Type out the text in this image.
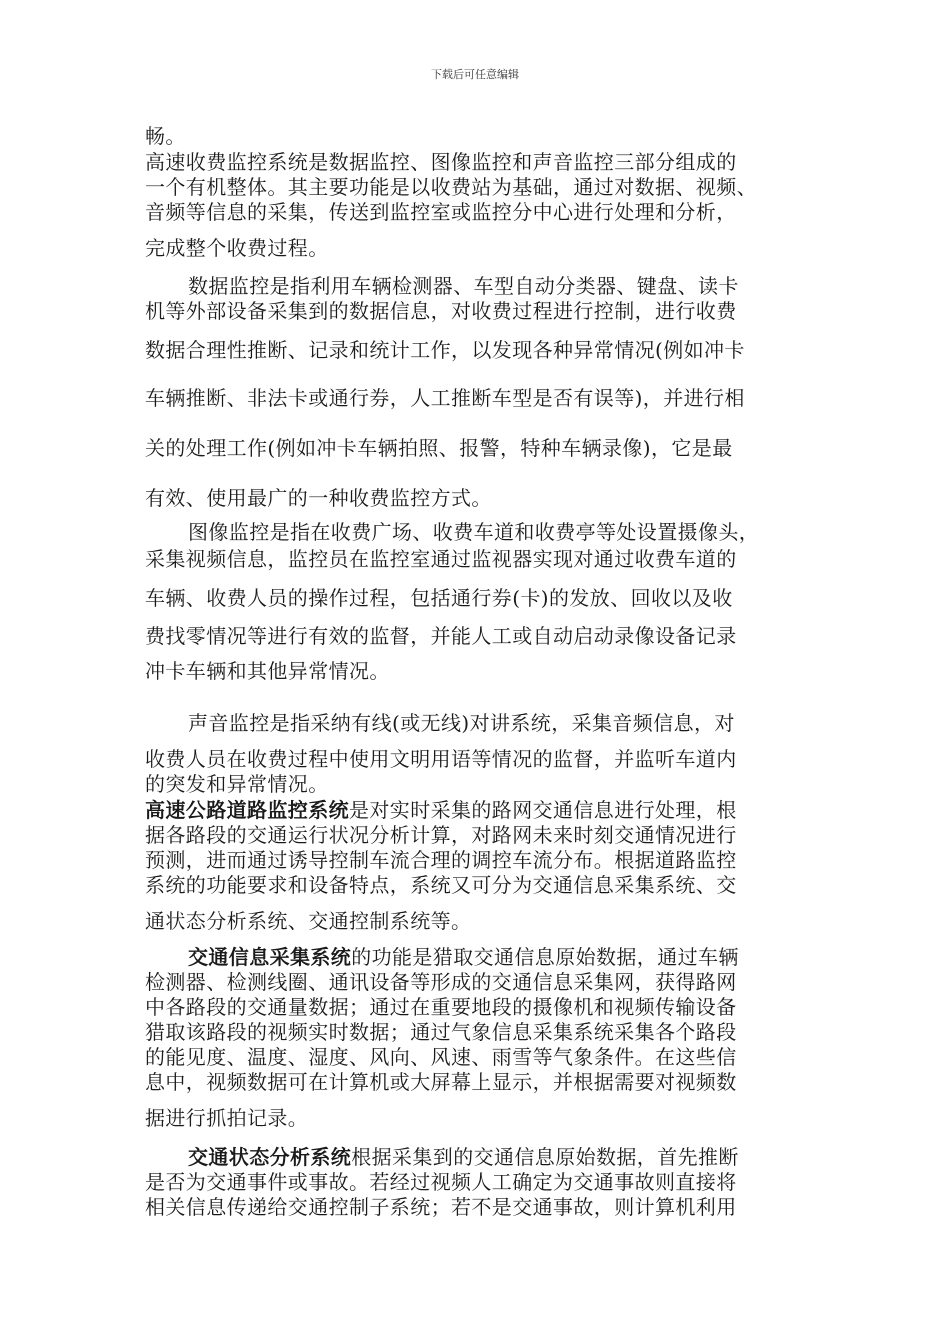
下载后可任意编辑
畅。
高速收费监控系统是数据监控、图像监控和声音监控三部分组成的
一个有机整体。其主要功能是以收费站为基础，通过对数据、视频、
音频等信息的采集，传送到监控室或监控分中心进行处理和分析，
完成整个收费过程。
数据监控是指利用车辆检测器、车型自动分类器、键盘、读卡
机等外部设备采集到的数据信息，对收费过程进行控制，进行收费
数据合理性推断、记录和统计工作，以发现各种异常情况(例如冲卡
车辆推断、非法卡或通行券，人工推断车型是否有误等)，并进行相
关的处理工作(例如冲卡车辆拍照、报警，特种车辆录像)，它是最
有效、使用最广的一种收费监控方式。
图像监控是指在收费广场、收费车道和收费亭等处设置摄像头，
采集视频信息，监控员在监控室通过监视器实现对通过收费车道的
车辆、收费人员的操作过程，包括通行券(卡)的发放、回收以及收
费找零情况等进行有效的监督，并能人工或自动启动录像设备记录
冲卡车辆和其他异常情况。
声音监控是指采纳有线(或无线)对讲系统，采集音频信息，对
收费人员在收费过程中使用文明用语等情况的监督，并监听车道内
的突发和异常情况。
高速公路道路监控系统是对实时采集的路网交通信息进行处理，根
据各路段的交通运行状况分析计算，对路网未来时刻交通情况进行
预测，进而通过诱导控制车流合理的调控车流分布。根据道路监控
系统的功能要求和设备特点，系统又可分为交通信息采集系统、交
通状态分析系统、交通控制系统等。
交通信息采集系统的功能是猎取交通信息原始数据，通过车辆
检测器、检测线圈、通讯设备等形成的交通信息采集网，获得路网
中各路段的交通量数据；通过在重要地段的摄像机和视频传输设备
猎取该路段的视频实时数据；通过气象信息采集系统采集各个路段
的能见度、温度、湿度、风向、风速、雨雪等气象条件。在这些信
息中，视频数据可在计算机或大屏幕上显示，并根据需要对视频数
据进行抓拍记录。
交通状态分析系统根据采集到的交通信息原始数据，首先推断
是否为交通事件或事故。若经过视频人工确定为交通事故则直接将
相关信息传递给交通控制子系统；若不是交通事故，则计算机利用
